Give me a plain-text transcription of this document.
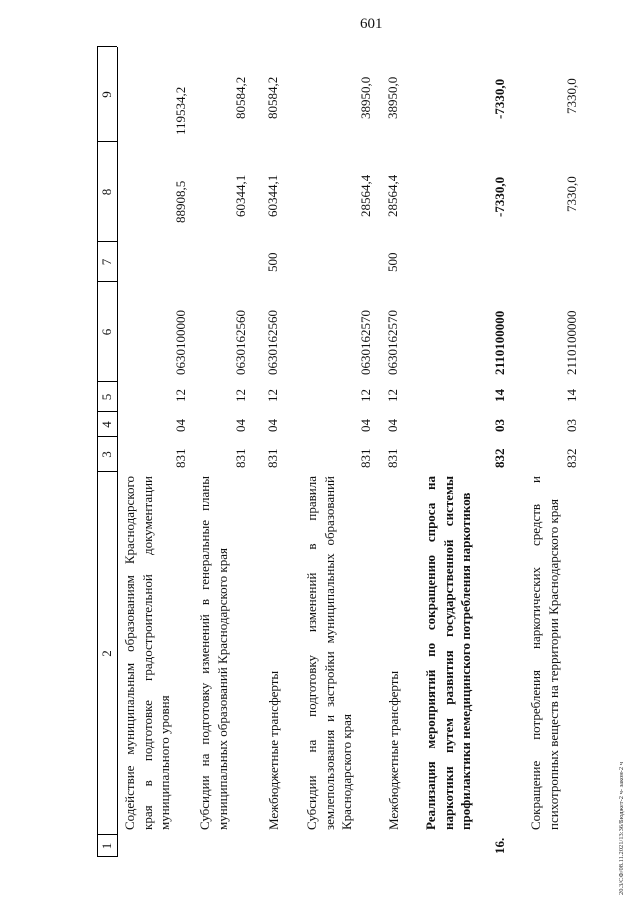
601
20.3/СФ/08.11.2021/13:36/Бюджет-2 ч- закон-2 ч
1
2
3
4
5
6
7
8
9
Содействие муниципальным образованиям Краснодарского края в подготовке градостроительной документации муниципального уровня
831
04
12
0630100000
88908,5
119534,2
Субсидии на подготовку изменений в генеральные планы муниципальных образований Краснодарского края
831
04
12
0630162560
60344,1
80584,2
Межбюджетные трансферты
831
04
12
0630162560
500
60344,1
80584,2
Субсидии на подготовку изменений в правила землепользования и застройки муниципальных образований Краснодарского края
831
04
12
0630162570
28564,4
38950,0
Межбюджетные трансферты
831
04
12
0630162570
500
28564,4
38950,0
16.
Реализация мероприятий по сокращению спроса на наркотики путем развития государственной системы профилактики немедицинского потребления наркотиков
832
03
14
2110100000
-7330,0
-7330,0
Сокращение потребления наркотических средств и психотропных веществ на территории Краснодарского края
832
03
14
2110100000
7330,0
7330,0
